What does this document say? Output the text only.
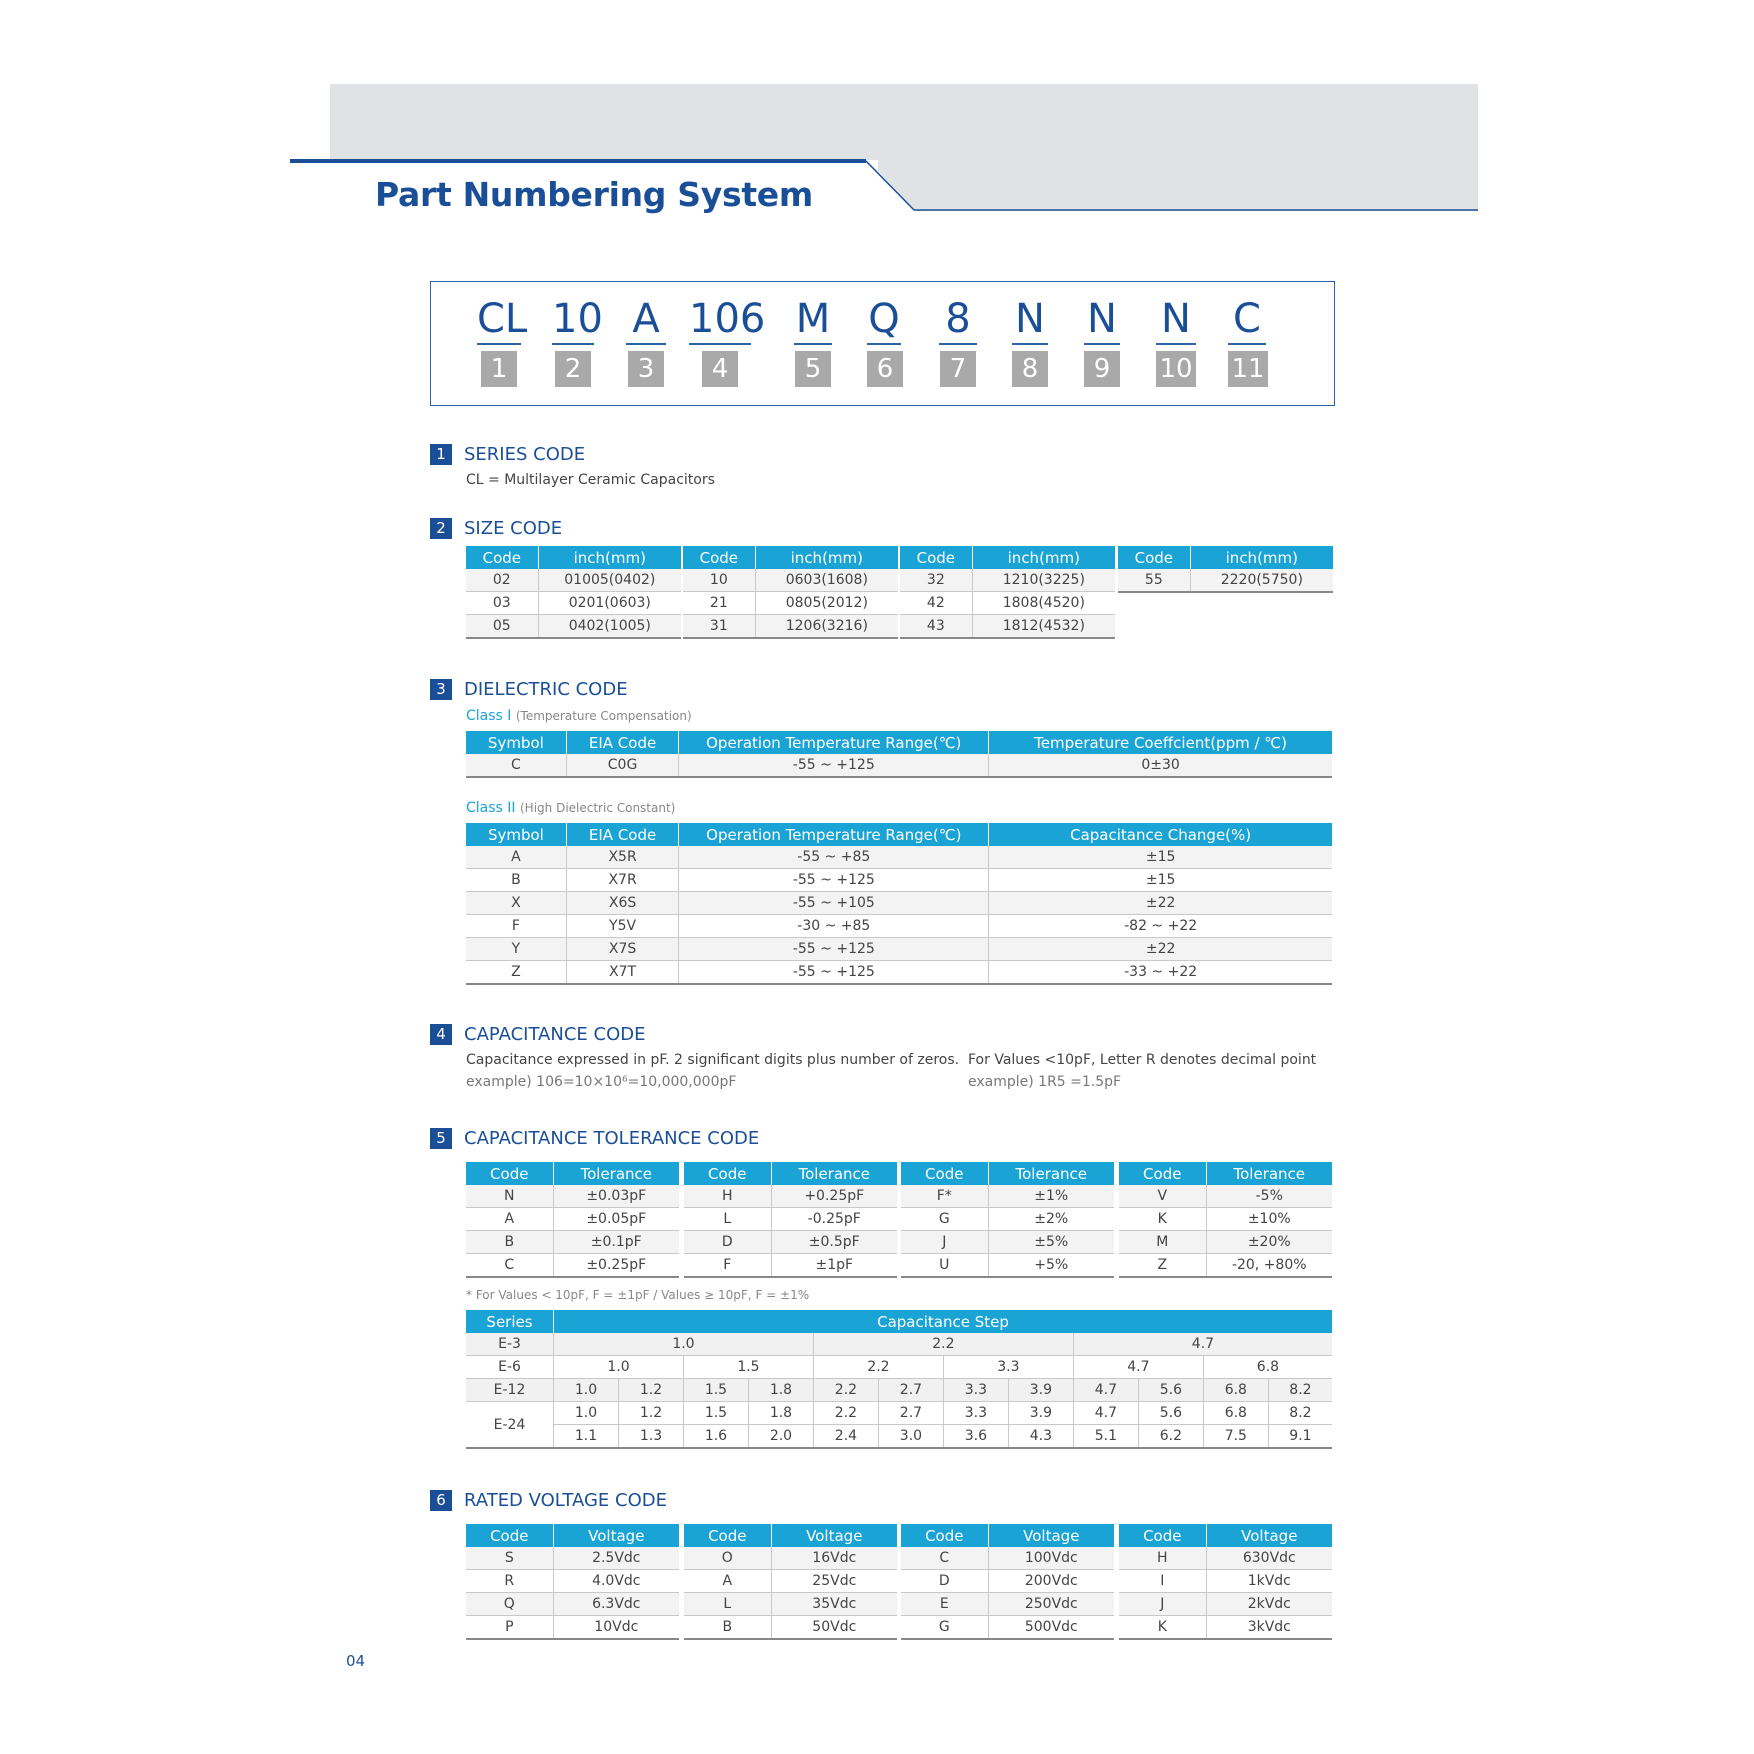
Part Numbering System
CL
1
10
2
A
3
106
4
M
5
Q
6
8
7
N
8
N
9
N
10
C
11
1	SERIES CODE
CL = Multilayer Ceramic Capacitors
2	SIZE CODE
Code	inch(mm)
02	01005(0402)
03	0201(0603)
05	0402(1005)
Code	inch(mm)
10	0603(1608)
21	0805(2012)
31	1206(3216)
Code	inch(mm)
32	1210(3225)
42	1808(4520)
43	1812(4532)
Code	inch(mm)
55	2220(5750)
3	DIELECTRIC CODE
Class I (Temperature Compensation)
Symbol	EIA Code	Operation Temperature Range(℃)	Temperature Coeffcient(ppm / ℃)
C	C0G	-55 ~ +125	0±30
Class II (High Dielectric Constant)
Symbol	EIA Code	Operation Temperature Range(℃)	Capacitance Change(%)
A	X5R	-55 ~ +85	±15
B	X7R	-55 ~ +125	±15
X	X6S	-55 ~ +105	±22
F	Y5V	-30 ~ +85	-82 ~ +22
Y	X7S	-55 ~ +125	±22
Z	X7T	-55 ~ +125	-33 ~ +22
4	CAPACITANCE CODE
Capacitance expressed in pF. 2 significant digits plus number of zeros.
example) 106=10×10⁶=10,000,000pF
For Values <10pF, Letter R denotes decimal point
example) 1R5 =1.5pF
5	CAPACITANCE TOLERANCE CODE
Code	Tolerance
N	±0.03pF
A	±0.05pF
B	±0.1pF
C	±0.25pF
Code	Tolerance
H	+0.25pF
L	-0.25pF
D	±0.5pF
F	±1pF
Code	Tolerance
F*	±1%
G	±2%
J	±5%
U	+5%
Code	Tolerance
V	-5%
K	±10%
M	±20%
Z	-20, +80%
* For Values < 10pF, F = ±1pF / Values ≥ 10pF, F = ±1%
Series	Capacitance Step											
E-3	1.0				2.2				4.7			
E-6	1.0		1.5		2.2		3.3		4.7		6.8	
E-12	1.0	1.2	1.5	1.8	2.2	2.7	3.3	3.9	4.7	5.6	6.8	8.2
E-24	1.0	1.2	1.5	1.8	2.2	2.7	3.3	3.9	4.7	5.6	6.8	8.2
	1.1	1.3	1.6	2.0	2.4	3.0	3.6	4.3	5.1	6.2	7.5	9.1
6	RATED VOLTAGE CODE
Code	Voltage
S	2.5Vdc
R	4.0Vdc
Q	6.3Vdc
P	10Vdc
Code	Voltage
O	16Vdc
A	25Vdc
L	35Vdc
B	50Vdc
Code	Voltage
C	100Vdc
D	200Vdc
E	250Vdc
G	500Vdc
Code	Voltage
H	630Vdc
I	1kVdc
J	2kVdc
K	3kVdc
04
